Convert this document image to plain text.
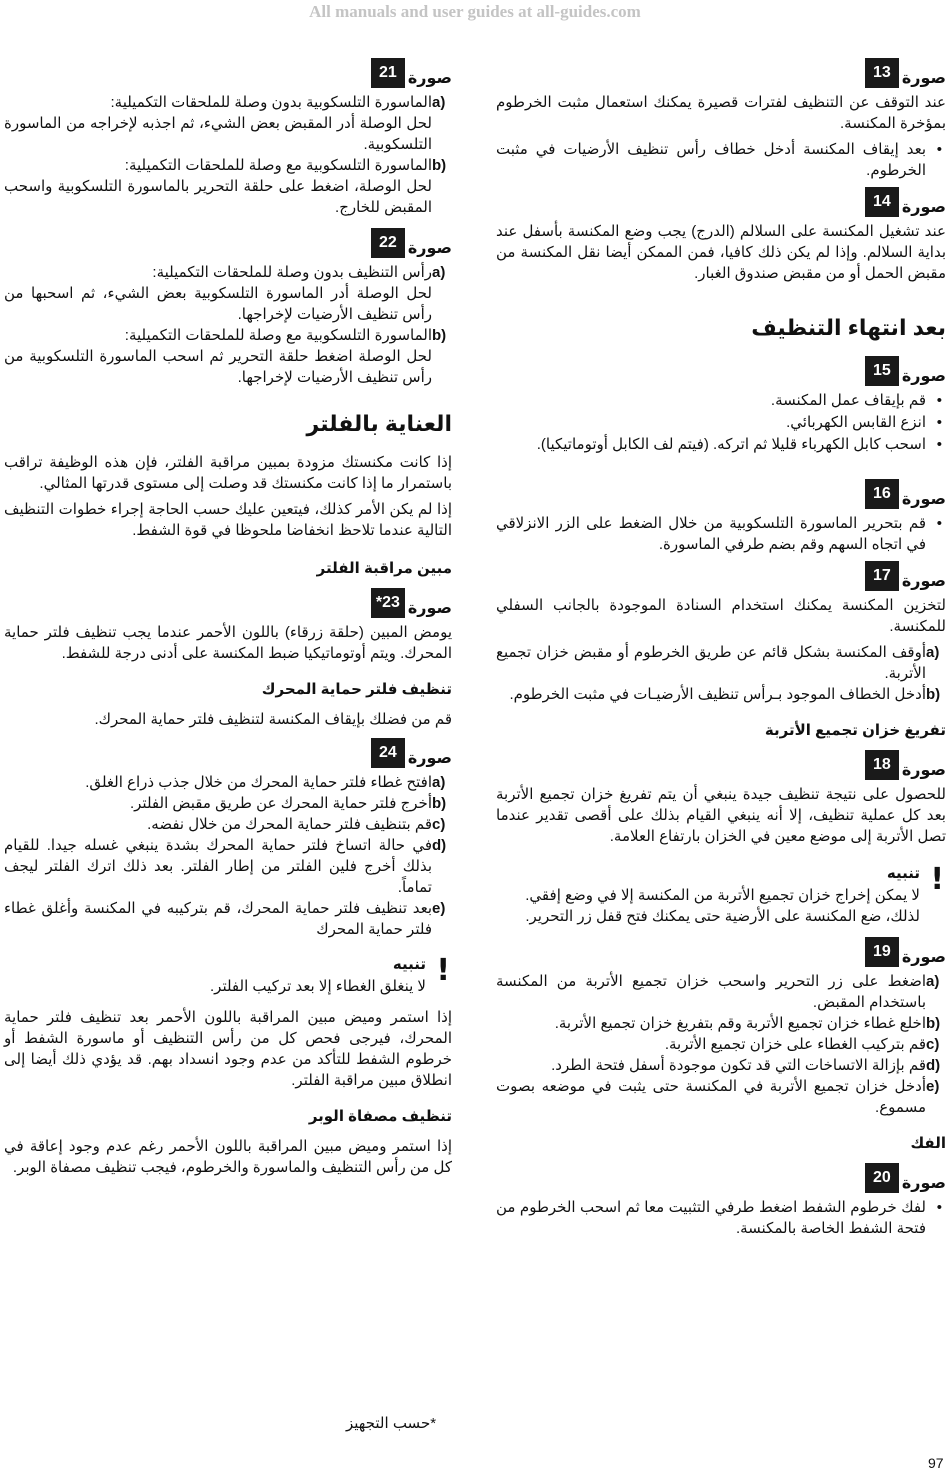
All manuals and user guides at all-guides.com
صورة
13

عند التوقف عن التنظيف لفترات قصيرة يمكنك استعمال مثبت الخرطوم بمؤخرة المكنسة.

• بعد إيقاف المكنسة أدخل خطاف رأس تنظيف الأرضيات في مثبت الخرطوم.
صورة
14

عند تشغيل المكنسة على السلالم (الدرج) يجب وضع المكنسة بأسفل عند بداية السلالم. وإذا لم يكن ذلك كافيا، فمن الممكن أيضا نقل المكنسة من مقبض الحمل أو من مقبض صندوق الغبار.

بعد انتهاء التنظيف
صورة
15
• قم بإيقاف عمل المكنسة.
• انزع القابس الكهربائي.
• اسحب كابل الكهرباء قليلا ثم اتركه. (فيتم لف الكابل أوتوماتيكيا).
صورة
16
• قم بتحرير الماسورة التلسكوبية من خلال الضغط على الزر الانزلاقي في اتجاه السهم وقم بضم طرفي الماسورة.
صورة
17

لتخزين المكنسة يمكنك استخدام السنادة الموجودة بالجانب السفلي للمكنسة.

a)
أوقف المكنسة بشكل قائم عن طريق الخرطوم أو مقبض خزان تجميع الأتربة.
b)
أدخل الخطاف الموجود بـرأس تنظيف الأرضيـات في مثبت الخرطوم.
تفريغ خزان تجميع الأتربة
صورة
18

للحصول على نتيجة تنظيف جيدة ينبغي أن يتم تفريغ خزان تجميع الأتربة بعد كل عملية تنظيف، إلا أنه ينبغي القيام بذلك على أقصى تقدير عندما تصل الأتربة إلى موضع معين في الخزان بارتفاع العلامة.

!
تنبيه
لا يمكن إخراج خزان تجميع الأتربة من المكنسة إلا في وضع إفقي. لذلك، ضع المكنسة على الأرضية حتى يمكنك فتح قفل زر التحرير.
صورة
19
a)
اضغط على زر التحرير واسحب خزان تجميع الأتربة من المكنسة باستخدام المقبض.
b)
اخلع غطاء خزان تجميع الأتربة وقم بتفريغ خزان تجميع الأتربة.
c)
قم بتركيب الغطاء على خزان تجميع الأتربة.
d)
قم بإزالة الاتساخات التي قد تكون موجودة أسفل فتحة الطرد.
e)
أدخل خزان تجميع الأتربة في المكنسة حتى يثبت في موضعه بصوت مسموع.
الفك
صورة
20
• لفك خرطوم الشفط اضغط طرفي التثبيت معا ثم اسحب الخرطوم من فتحة الشفط الخاصة بالمكنسة.
صورة
21
a)
الماسورة التلسكوبية بدون وصلة للملحقات التكميلية:
لحل الوصلة أدر المقبض بعض الشيء، ثم اجذبه لإخراجه من الماسورة التلسكوبية.
b)
الماسورة التلسكوبية مع وصلة للملحقات التكميلية:
لحل الوصلة، اضغط على حلقة التحرير بالماسورة التلسكوبية واسحب المقبض للخارج.
صورة
22
a)
رأس التنظيف بدون وصلة للملحقات التكميلية:
لحل الوصلة أدر الماسورة التلسكوبية بعض الشيء، ثم اسحبها من رأس تنظيف الأرضيات لإخراجها.
b)
الماسورة التلسكوبية مع وصلة للملحقات التكميلية:
لحل الوصلة اضغط حلقة التحرير ثم اسحب الماسورة التلسكوبية من رأس تنظيف الأرضيات لإخراجها.
العناية بالفلتر

إذا كانت مكنستك مزودة بمبين مراقبة الفلتر، فإن هذه الوظيفة تراقب باستمرار ما إذا كانت مكنستك قد وصلت إلى مستوى قدرتها المثالي.

إذا لم يكن الأمر كذلك، فيتعين عليك حسب الحاجة إجراء خطوات التنظيف التالية عندما تلاحظ انخفاضا ملحوظا في قوة الشفط.

مبين مراقبة الفلتر
صورة
23*

يومض المبين (حلقة زرقاء) باللون الأحمر عندما يجب تنظيف فلتر حماية المحرك. ويتم أوتوماتيكيا ضبط المكنسة على أدنى درجة للشفط.

تنظيف فلتر حماية المحرك

قم من فضلك بإيقاف المكنسة لتنظيف فلتر حماية المحرك.

صورة
24
a)
افتح غطاء فلتر حماية المحرك من خلال جذب ذراع الغلق.
b)
أخرج فلتر حماية المحرك عن طريق مقبض الفلتر.
c)
قم بتنظيف فلتر حماية المحرك من خلال نفضه.
d)
في حالة اتساخ فلتر حماية المحرك بشدة ينبغي غسله جيدا. للقيام بذلك أخرج فلين الفلتر من إطار الفلتر. بعد ذلك اترك الفلتر ليجف تماماً.
e)
بعد تنظيف فلتر حماية المحرك، قم بتركيبه في المكنسة وأغلق غطاء فلتر حماية المحرك
!
تنبيه
لا ينغلق الغطاء إلا بعد تركيب الفلتر.

إذا استمر وميض مبين المراقبة باللون الأحمر بعد تنظيف فلتر حماية المحرك، فيرجى فحص كل من رأس التنظيف أو ماسورة الشفط أو خرطوم الشفط للتأكد من عدم وجود انسداد بهم. قد يؤدي ذلك أيضا إلى انطلاق مبين مراقبة الفلتر.

تنظيف مصفاة الوبر

إذا استمر وميض مبين المراقبة باللون الأحمر رغم عدم وجود إعاقة في كل من رأس التنظيف والماسورة والخرطوم، فيجب تنظيف مصفاة الوبر.

*حسب التجهيز
97
